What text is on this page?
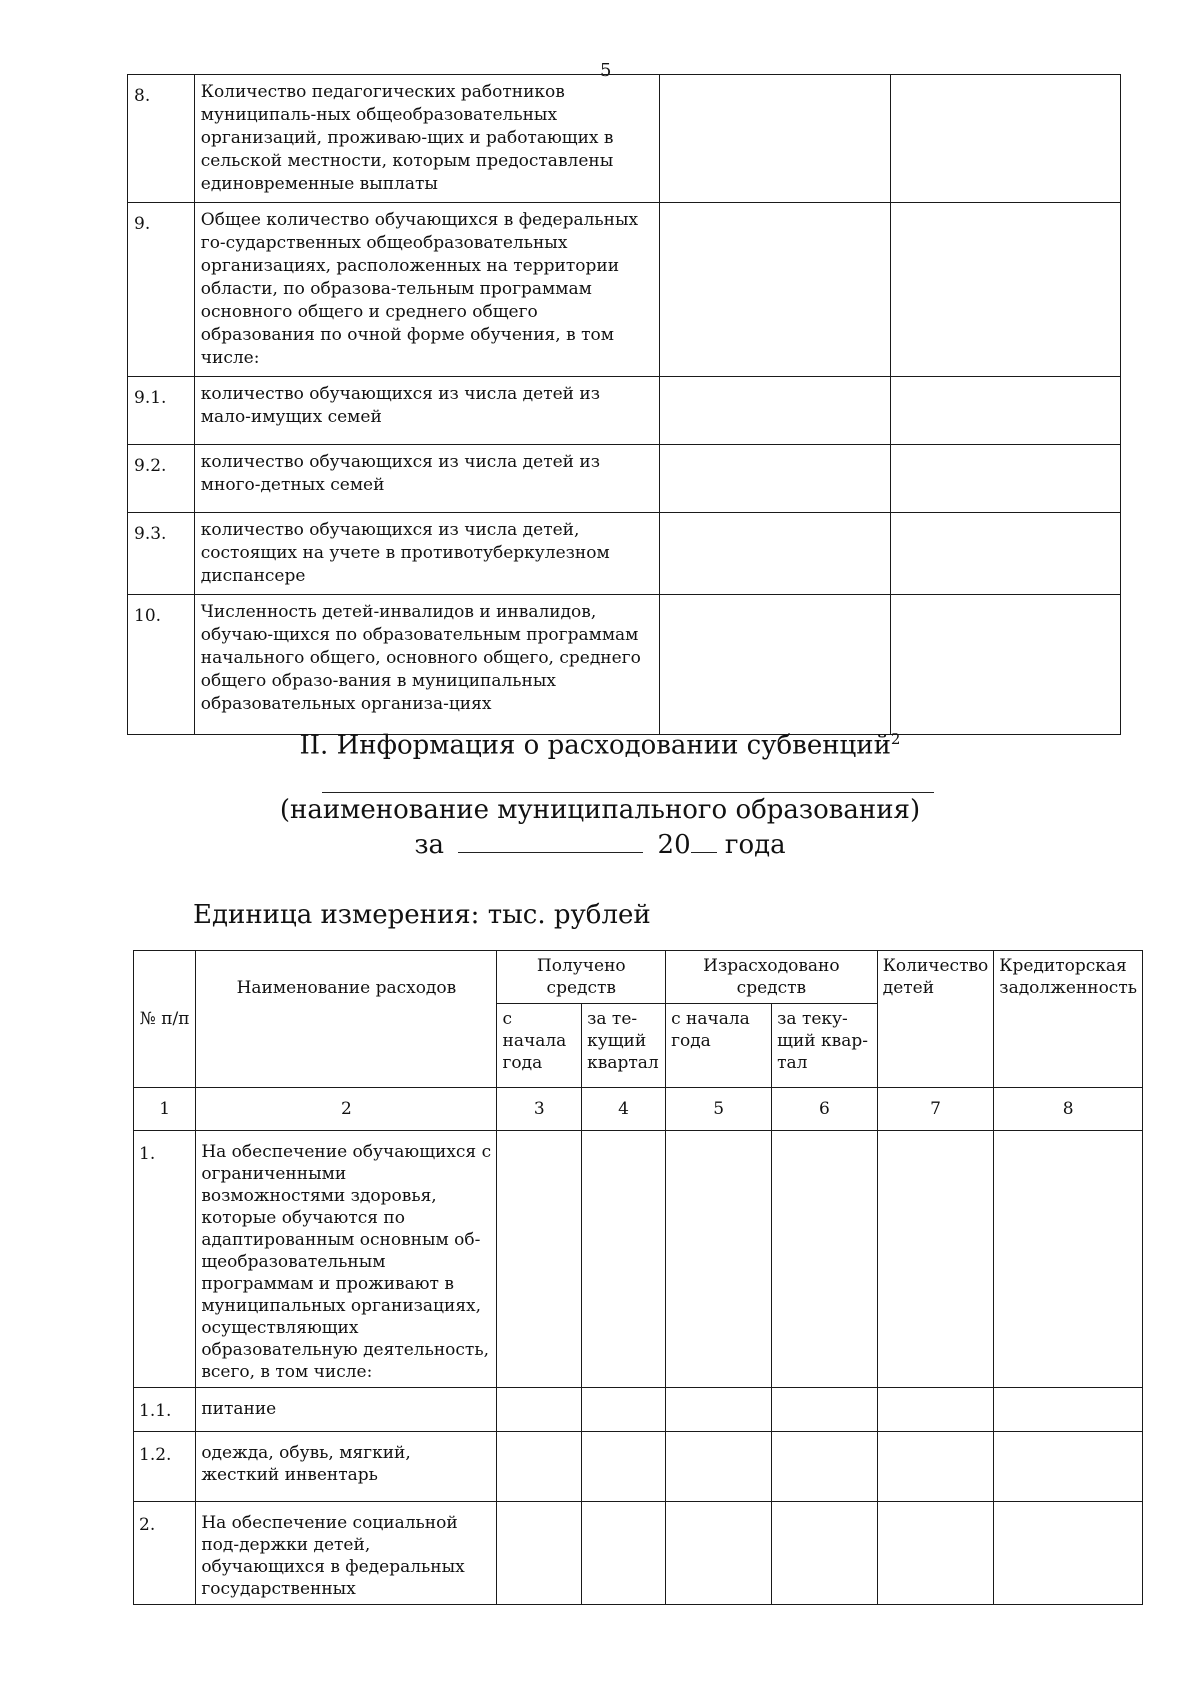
5
8.	Количество педагогических работников муниципаль-ных общеобразовательных организаций, проживаю-щих и работающих в сельской местности, которым предоставлены единовременные выплаты		
9.	Общее количество обучающихся в федеральных го-сударственных общеобразовательных организациях, расположенных на территории области, по образова-тельным программам основного общего и среднего общего образования по очной форме обучения, в том числе:		
9.1.	количество обучающихся из числа детей из мало-имущих семей		
9.2.	количество обучающихся из числа детей из много-детных семей		
9.3.	количество обучающихся из числа детей, состоящих на учете в противотуберкулезном диспансере		
10.	Численность детей-инвалидов и инвалидов, обучаю-щихся по образовательным программам начального общего, основного общего, среднего общего образо-вания в муниципальных образовательных организа-циях		
II. Информация о расходовании субвенций$^2$
(наименование муниципального образования)
за	20 года
Единица измерения: тыс. рублей
№ п/п	Наименование расходов	Получено средств		Израсходовано средств		Количество детей	Кредиторская задолженность
		с начала года	за те-кущий квартал	с начала года	за теку-щий квар-тал		
1	2	3	4	5	6	7	8
1.	На обеспечение обучающихся с ограниченными возможностями здоровья, которые обучаются по адаптированным основным об-щеобразовательным программам и проживают в муниципальных организациях, осуществляющих образовательную деятельность, всего, в том числе:						
1.1.	питание						
1.2.	одежда, обувь, мягкий, жесткий инвентарь						
2.	На обеспечение социальной под-держки детей, обучающихся в федеральных государственных						
